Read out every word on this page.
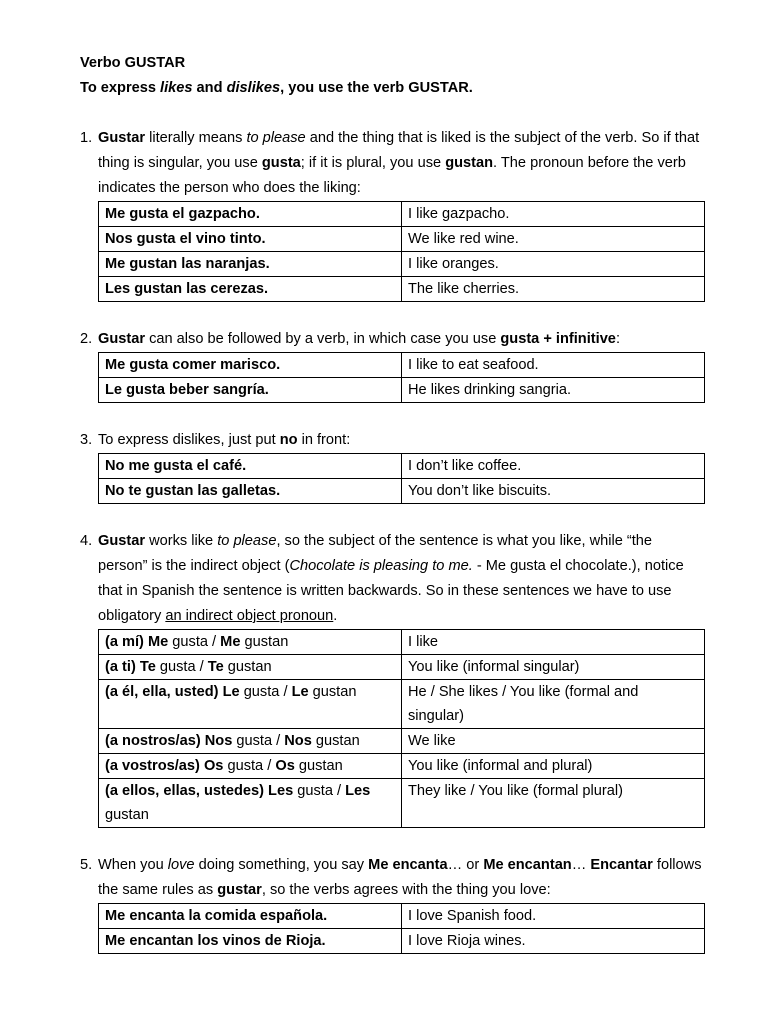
Verbo GUSTAR
To express likes and dislikes, you use the verb GUSTAR.
1. Gustar literally means to please and the thing that is liked is the subject of the verb. So if that thing is singular, you use gusta; if it is plural, you use gustan. The pronoun before the verb indicates the person who does the liking:
Me gusta el gazpacho.	I like gazpacho.
Nos gusta el vino tinto.	We like red wine.
Me gustan las naranjas.	I like oranges.
Les gustan las cerezas.	The like cherries.
2. Gustar can also be followed by a verb, in which case you use gusta + infinitive:
Me gusta comer marisco.	I like to eat seafood.
Le gusta beber sangría.	He likes drinking sangria.
3. To express dislikes, just put no in front:
No me gusta el café.	I don’t like coffee.
No te gustan las galletas.	You don’t like biscuits.
4. Gustar works like to please, so the subject of the sentence is what you like, while “the person” is the indirect object (Chocolate is pleasing to me. - Me gusta el chocolate.), notice that in Spanish the sentence is written backwards. So in these sentences we have to use obligatory an indirect object pronoun.
(a mí) Me gusta / Me gustan	I like
(a ti) Te gusta / Te gustan	You like (informal singular)
(a él, ella, usted) Le gusta / Le gustan	He / She likes / You like (formal and singular)
(a nostros/as) Nos gusta / Nos gustan	We like
(a vostros/as) Os gusta / Os gustan	You like (informal and plural)
(a ellos, ellas, ustedes) Les gusta / Les gustan	They like / You like (formal plural)
5. When you love doing something, you say Me encanta… or Me encantan… Encantar follows the same rules as gustar, so the verbs agrees with the thing you love:
Me encanta la comida española.	I love Spanish food.
Me encantan los vinos de Rioja.	I love Rioja wines.
